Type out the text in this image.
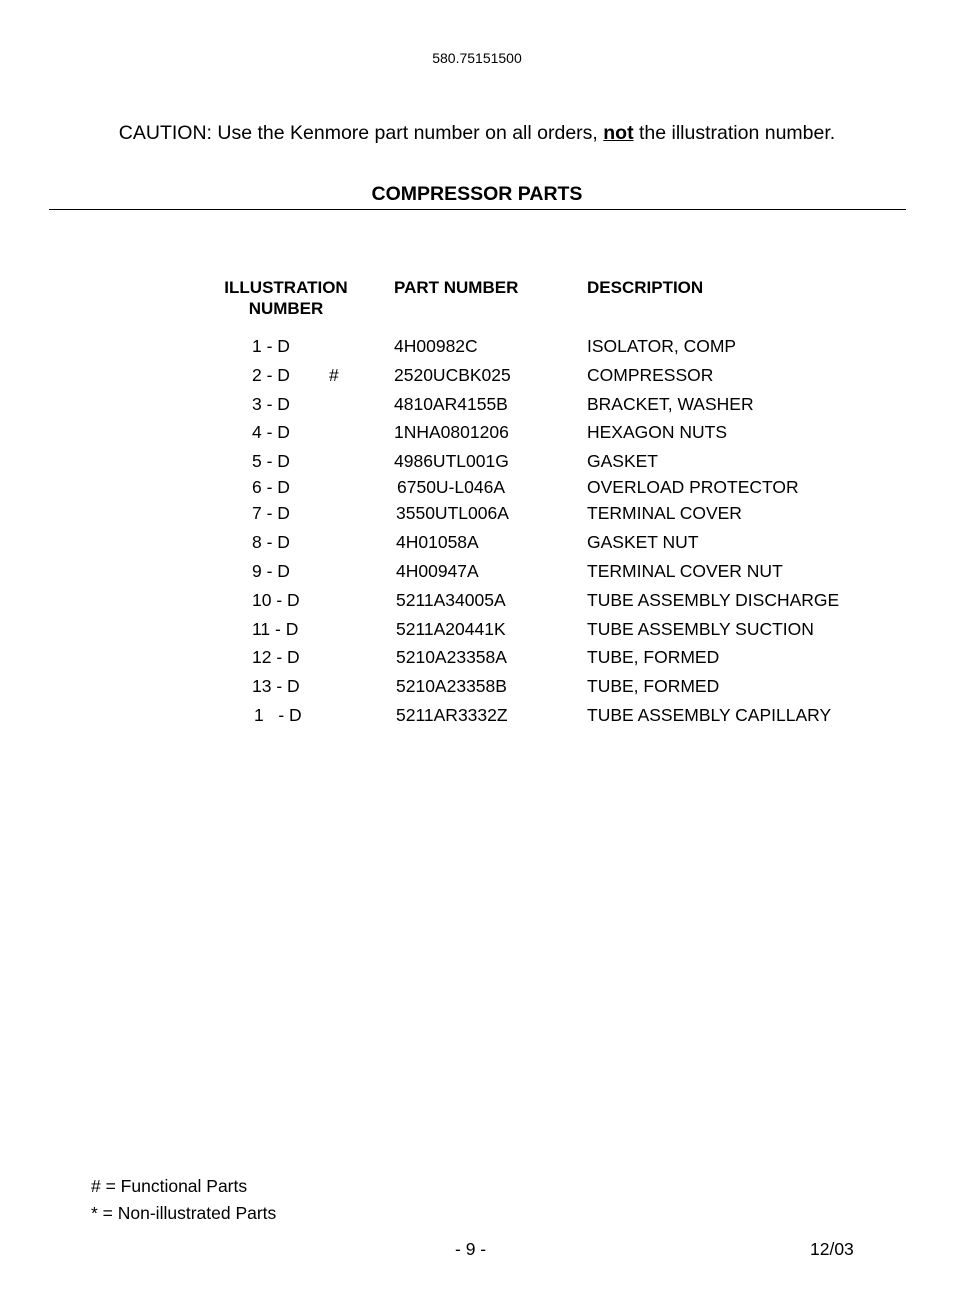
580.75151500
CAUTION: Use the Kenmore part number on all orders, not the illustration number.
COMPRESSOR PARTS
ILLUSTRATION
NUMBER
PART NUMBER	DESCRIPTION
1 - D	4H00982C	ISOLATOR, COMP
2 - D #	2520UCBK025	COMPRESSOR
3 - D	4810AR4155B	BRACKET, WASHER
4 - D	1NHA0801206	HEXAGON NUTS
5 - D	4986UTL001G	GASKET
6 - D	6750U-L046A	OVERLOAD PROTECTOR
7 - D	3550UTL006A	TERMINAL COVER
8 - D	4H01058A	GASKET NUT
9 - D	4H00947A	TERMINAL COVER NUT
10 - D	5211A34005A	TUBE ASSEMBLY DISCHARGE
11 - D	5211A20441K	TUBE ASSEMBLY SUCTION
12 - D	5210A23358A	TUBE, FORMED
13 - D	5210A23358B	TUBE, FORMED
1   - D	5211AR3332Z	TUBE ASSEMBLY CAPILLARY
# = Functional Parts
* = Non-illustrated Parts
- 9 -	12/03
